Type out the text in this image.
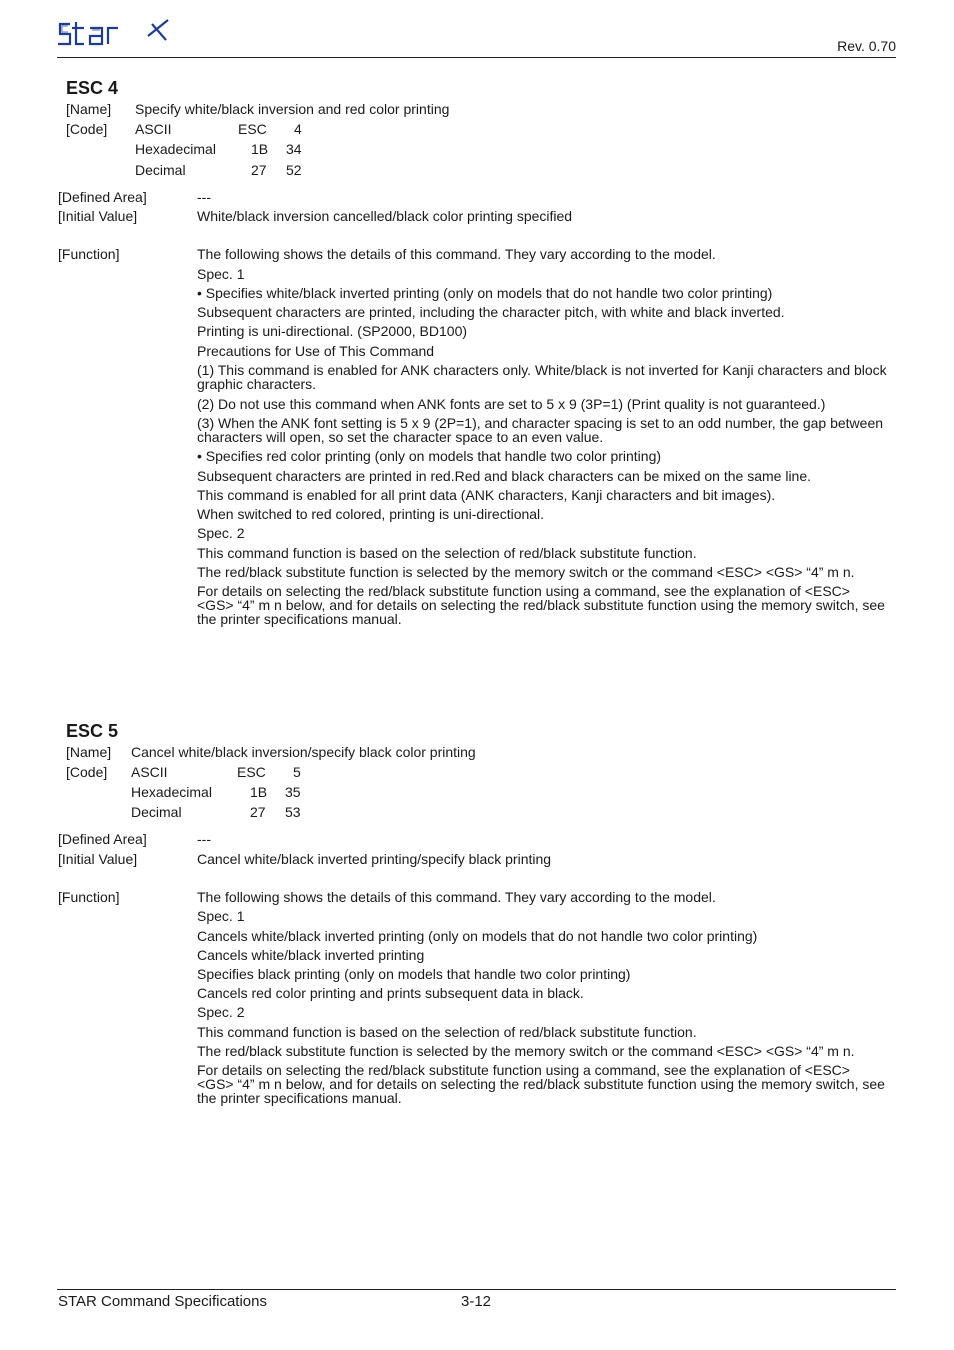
Rev. 0.70
ESC 4
[Name] Specify white/black inversion and red color printing
[Code] ASCII	ESC 4
Hexadecimal	1B 34
Decimal	27 52
[Defined Area]	---
[Initial Value]	White/black inversion cancelled/black color printing specified
[Function]	The following shows the details of this command. They vary according to the model.
Spec. 1
• Specifies white/black inverted printing (only on models that do not handle two color printing)
Subsequent characters are printed, including the character pitch, with white and black inverted.
Printing is uni-directional. (SP2000, BD100)
Precautions for Use of This Command
(1) This command is enabled for ANK characters only. White/black is not inverted for Kanji characters and block graphic characters.
(2) Do not use this command when ANK fonts are set to 5 x 9 (3P=1) (Print quality is not guaranteed.)
(3) When the ANK font setting is 5 x 9 (2P=1), and character spacing is set to an odd number, the gap between characters will open, so set the character space to an even value.
• Specifies red color printing (only on models that handle two color printing)
Subsequent characters are printed in red.Red and black characters can be mixed on the same line.
This command is enabled for all print data (ANK characters, Kanji characters and bit images).
When switched to red colored, printing is uni-directional.
Spec. 2
This command function is based on the selection of red/black substitute function.
The red/black substitute function is selected by the memory switch or the command <ESC> <GS> “4” m n.
For details on selecting the red/black substitute function using a command, see the explanation of <ESC> <GS> “4” m n below, and for details on selecting the red/black substitute function using the memory switch, see the printer specifications manual.
ESC 5
[Name] Cancel white/black inversion/specify black color printing
[Code] ASCII	ESC 5
Hexadecimal	1B 35
Decimal	27 53
[Defined Area]	---
[Initial Value]	Cancel white/black inverted printing/specify black printing
[Function]	The following shows the details of this command. They vary according to the model.
Spec. 1
Cancels white/black inverted printing (only on models that do not handle two color printing)
Cancels white/black inverted printing
Specifies black printing (only on models that handle two color printing)
Cancels red color printing and prints subsequent data in black.
Spec. 2
This command function is based on the selection of red/black substitute function.
The red/black substitute function is selected by the memory switch or the command <ESC> <GS> “4” m n.
For details on selecting the red/black substitute function using a command, see the explanation of <ESC> <GS> “4” m n below, and for details on selecting the red/black substitute function using the memory switch, see the printer specifications manual.
STAR Command Specifications	3-12
